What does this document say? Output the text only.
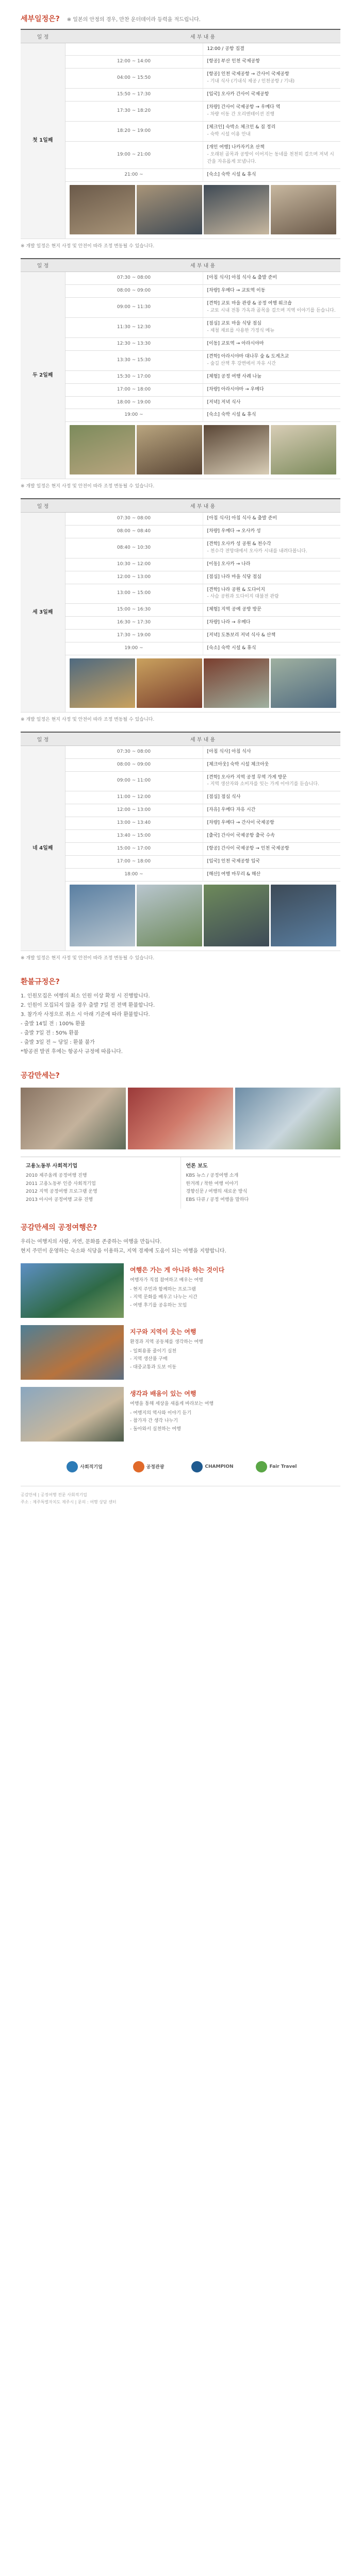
세부일정은? ※ 일본의 안정의 경우, 만찬 운더데이라 등력을 적드립니다.
일 정	세 부 내 용	
첫 1일째		12:00 / 공항 집결

	12:00 ~ 14:00	[항공] 부산 인천 국제공항

	04:00 ~ 15:50	[항공] 인천 국제공항 → 간사이 국제공항
- 기내 식사 (기내식 제공 / 인천공항 / 기내)

	15:50 ~ 17:30	[입국] 오사카 간사이 국제공항

	17:30 ~ 18:20	[차량] 간사이 국제공항 → 우메다 역
- 차량 이동 간 오리엔테이션 진행

	18:20 ~ 19:00	[체크인] 숙박소 체크인 & 짐 정리
- 숙박 시설 이용 안내

	19:00 ~ 21:00	[개인 여행] 나카자키초 산책
- 오래된 골목과 공방이 이어지는 동네를 천천히 걸으며 저녁 시간을 자유롭게 보냅니다.

	21:00 ~	[숙소] 숙박 시설 & 휴식

※ 개발 일정은 현지 사정 및 안전이 따라 조정 변동될 수 있습니다.
일 정	세 부 내 용	
두 2일째	07:30 ~ 08:00	[아침 식사] 아침 식사 & 출발 준비

	08:00 ~ 09:00	[차량] 우메다 → 교토역 이동

	09:00 ~ 11:30	[견학] 교토 마을 관광 & 공정 여행 워크숍
- 교토 시내 전통 가옥과 골목을 걸으며 지역 이야기를 듣습니다.

	11:30 ~ 12:30	[점심] 교토 마을 식당 점심
- 제철 재료를 사용한 가정식 메뉴

	12:30 ~ 13:30	[이동] 교토역 → 아라시야마

	13:30 ~ 15:30	[견학] 아라시야마 대나무 숲 & 도게츠교
- 숲길 산책 후 강변에서 자유 시간

	15:30 ~ 17:00	[체험] 공정 여행 사례 나눔

	17:00 ~ 18:00	[차량] 아라시야마 → 우메다

	18:00 ~ 19:00	[저녁] 저녁 식사

	19:00 ~	[숙소] 숙박 시설 & 휴식

※ 개발 일정은 현지 사정 및 안전이 따라 조정 변동될 수 있습니다.
일 정	세 부 내 용	
세 3일째	07:30 ~ 08:00	[아침 식사] 아침 식사 & 출발 준비

	08:00 ~ 08:40	[차량] 우메다 → 오사카 성

	08:40 ~ 10:30	[견학] 오사카 성 공원 & 천수각
- 천수각 전망대에서 오사카 시내를 내려다봅니다.

	10:30 ~ 12:00	[이동] 오사카 → 나라

	12:00 ~ 13:00	[점심] 나라 마을 식당 점심

	13:00 ~ 15:00	[견학] 나라 공원 & 도다이지
- 사슴 공원과 도다이지 대불전 관람

	15:00 ~ 16:30	[체험] 지역 공예 공방 방문

	16:30 ~ 17:30	[차량] 나라 → 우메다

	17:30 ~ 19:00	[저녁] 도톤보리 저녁 식사 & 산책

	19:00 ~	[숙소] 숙박 시설 & 휴식

※ 개발 일정은 현지 사정 및 안전이 따라 조정 변동될 수 있습니다.
일 정	세 부 내 용	
네 4일째	07:30 ~ 08:00	[아침 식사] 아침 식사

	08:00 ~ 09:00	[체크아웃] 숙박 시설 체크아웃

	09:00 ~ 11:00	[견학] 오사카 지역 공정 무역 가게 방문
- 지역 생산자와 소비자를 잇는 가게 이야기를 듣습니다.

	11:00 ~ 12:00	[점심] 점심 식사

	12:00 ~ 13:00	[자유] 우메다 자유 시간

	13:00 ~ 13:40	[차량] 우메다 → 간사이 국제공항

	13:40 ~ 15:00	[출국] 간사이 국제공항 출국 수속

	15:00 ~ 17:00	[항공] 간사이 국제공항 → 인천 국제공항

	17:00 ~ 18:00	[입국] 인천 국제공항 입국

	18:00 ~	[해산] 여행 마무리 & 해산

※ 개발 일정은 현지 사정 및 안전이 따라 조정 변동될 수 있습니다.
환불규정은?

1. 인원모집은 여행의 최소 인원 이상 확정 시 진행합니다.

2. 인원이 모집되지 않을 경우 출발 7일 전 전액 환불합니다.

3. 참가자 사정으로 취소 시 아래 기준에 따라 환불합니다.

- 출발 14일 전 : 100% 환불

- 출발 7일 전 : 50% 환불

- 출발 3일 전 ~ 당일 : 환불 불가

*항공권 발권 후에는 항공사 규정에 따릅니다.

공감만세는?
고용노동부 사회적기업
2010 제주올레 공정여행 진행
2011 고용노동부 인증 사회적기업
2012 지역 공정여행 프로그램 운영
2013 아시아 공정여행 교류 진행
언론 보도
KBS 뉴스 / 공정여행 소개
한겨레 / 착한 여행 이야기
경향신문 / 여행의 새로운 방식
EBS 다큐 / 공정 여행을 말하다
공감만세의 공정여행은?

우리는 여행지의 사람, 자연, 문화를 존중하는 여행을 만듭니다.

현지 주민이 운영하는 숙소와 식당을 이용하고, 지역 경제에 도움이 되는 여행을 지향합니다.

여행은 가는 게 아니라 하는 것이다
여행자가 직접 참여하고 배우는 여행
- 현지 주민과 함께하는 프로그램
- 지역 문화를 배우고 나누는 시간
- 여행 후기를 공유하는 모임
지구와 지역이 웃는 여행
환경과 지역 공동체를 생각하는 여행
- 일회용품 줄이기 실천
- 지역 생산품 구매
- 대중교통과 도보 이동
생각과 배움이 있는 여행
여행을 통해 세상을 새롭게 바라보는 여행
- 여행지의 역사와 이야기 듣기
- 참가자 간 생각 나누기
- 돌아와서 실천하는 여행
사회적기업	공정관광	CHAMPION	Fair Travel

공감만세 | 공정여행 전문 사회적기업

주소 : 제주특별자치도 제주시 | 문의 : 여행 상담 센터
